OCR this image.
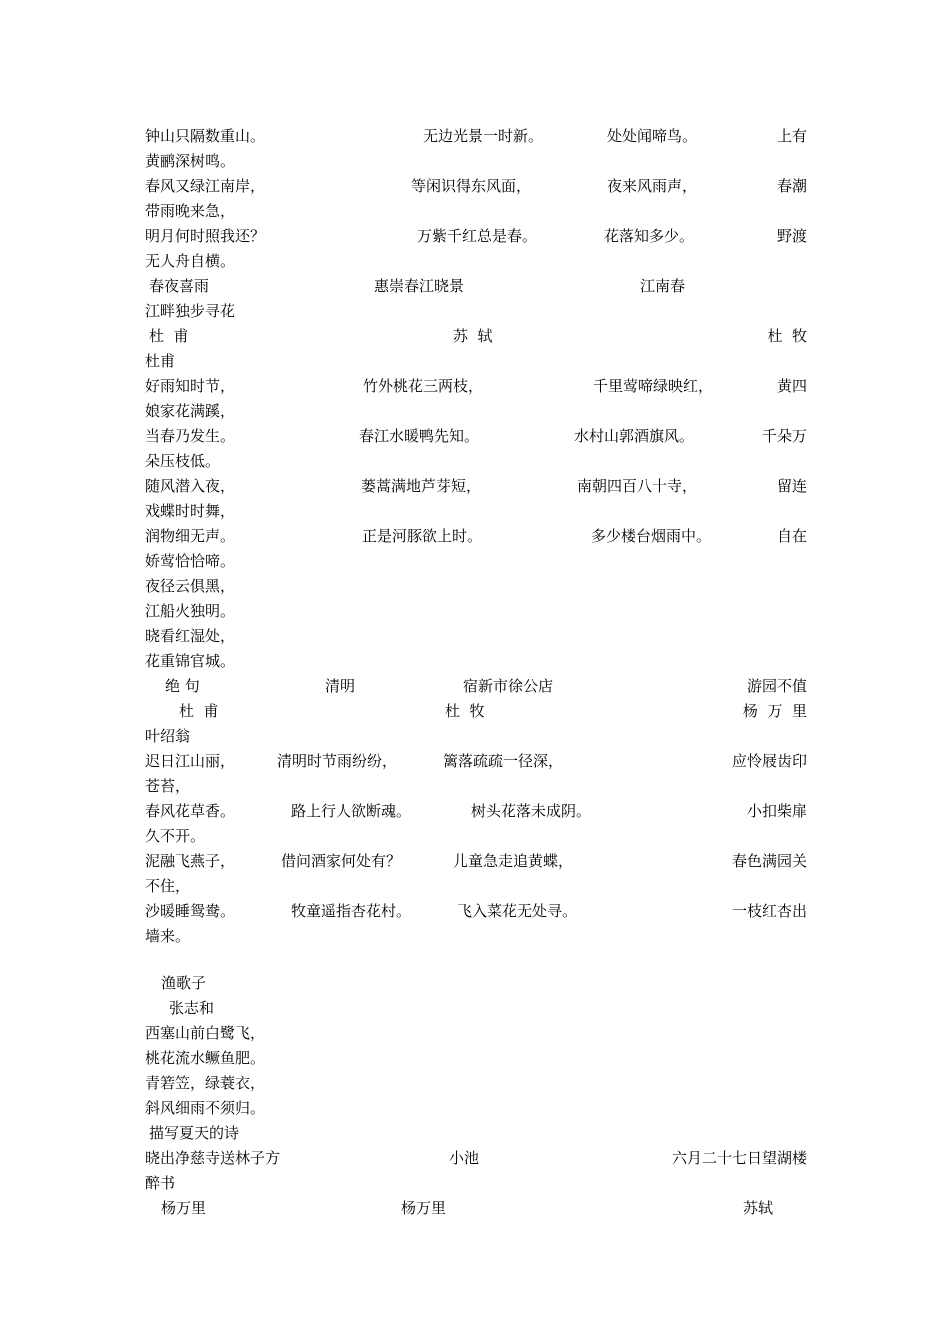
钟山只隔数重山。	无边光景一时新。	处处闻啼鸟。	上有
黄鹂深树鸣。
春风又绿江南岸，	等闲识得东风面，	夜来风雨声，	春潮
带雨晚来急，
明月何时照我还？	万紫千红总是春。	花落知多少。	野渡
无人舟自横。
春夜喜雨	惠崇春江晓景	江南春
江畔独步寻花
杜  甫	苏  轼	杜  牧
杜甫
好雨知时节，	竹外桃花三两枝，	千里莺啼绿映红，	黄四
娘家花满蹊，
当春乃发生。	春江水暖鸭先知。	水村山郭酒旗风。	千朵万
朵压枝低。
随风潜入夜，	蒌蒿满地芦芽短，	南朝四百八十寺，	留连
戏蝶时时舞，
润物细无声。	正是河豚欲上时。	多少楼台烟雨中。	自在
娇莺恰恰啼。
夜径云俱黑，
江船火独明。
晓看红湿处，
花重锦官城。
绝 句	清明	宿新市徐公店	游园不值
杜  甫	杜  牧	杨  万  里
叶绍翁
迟日江山丽，	清明时节雨纷纷，	篱落疏疏一径深，	应怜屐齿印
苍苔，
春风花草香。	路上行人欲断魂。	树头花落未成阴。	小扣柴扉
久不开。
泥融飞燕子，	借问酒家何处有？	儿童急走追黄蝶，	春色满园关
不住，
沙暖睡鸳鸯。	牧童遥指杏花村。	飞入菜花无处寻。	一枝红杏出
墙来。
渔歌子
张志和
西塞山前白鹭飞，
桃花流水鳜鱼肥。
青箬笠，绿蓑衣，
斜风细雨不须归。
描写夏天的诗
晓出净慈寺送林子方	小池	六月二十七日望湖楼
醉书
杨万里	杨万里	苏轼
